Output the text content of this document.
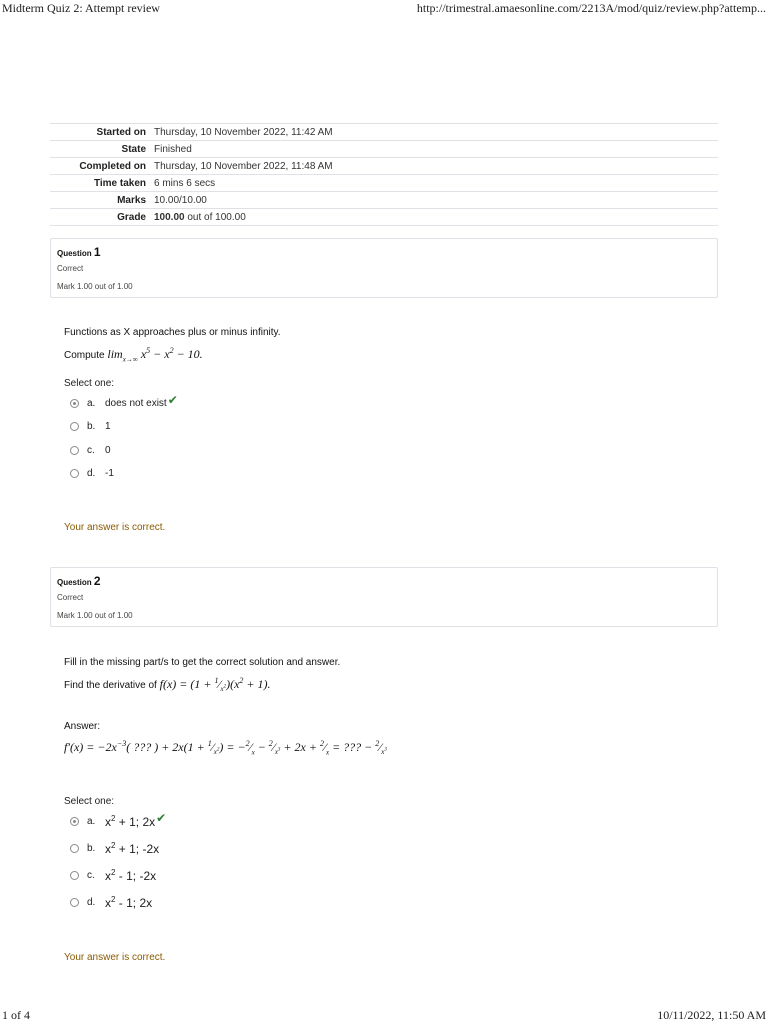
Midterm Quiz 2: Attempt review	http://trimestral.amaesonline.com/2213A/mod/quiz/review.php?attemp...
Started on	Thursday, 10 November 2022, 11:42 AM
State	Finished
Completed on	Thursday, 10 November 2022, 11:48 AM
Time taken	6 mins 6 secs
Marks	10.00/10.00
Grade	100.00 out of 100.00
Question 1
Correct
Mark 1.00 out of 1.00
Functions as X approaches plus or minus infinity.
Compute $\lim_{x\to\infty} x^5 - x^2 - 10$.
Select one:
a. does not exist ✔
b. 1
c.	0
d. -1
Your answer is correct.
Question 2
Correct
Mark 1.00 out of 1.00
Fill in the missing part/s to get the correct solution and answer.
Find the derivative of $f(x) = (1 + ^1⁄_{x^2})(x^2 + 1)$.
Answer:
$f'(x) = -2x^{-3}$( ??? ) + $2x(1 + ^1⁄_{x^2})$ = $-^2⁄_x$ − $^2⁄_{x^3} + 2x$ + $^2⁄_x$ = ??? − $^2⁄_{x^3}$
Select one:
a. $x^2 + 1$; 2x ✔
b. $x^2 + 1$; -2x
c. $x^2 - 1$; -2x
d. $x^2 - 1$; 2x
Your answer is correct.
1 of 4	10/11/2022, 11:50 AM
